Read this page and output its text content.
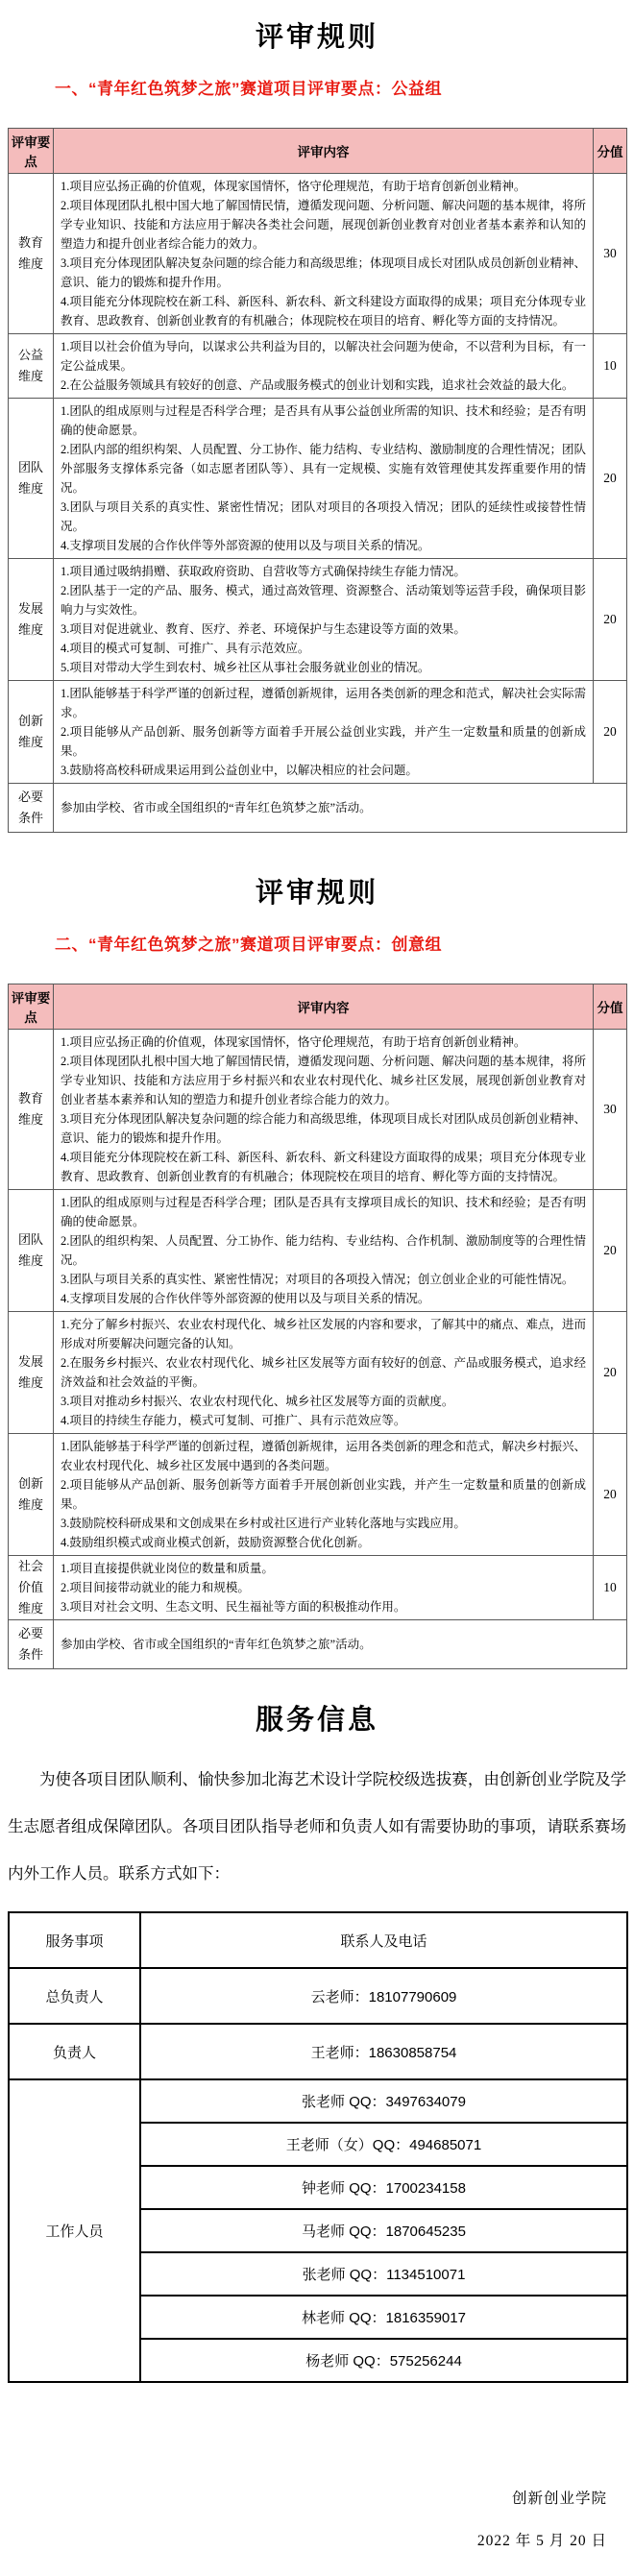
评审规则
一、“青年红色筑梦之旅”赛道项目评审要点：公益组
评审要点	评审内容	分值
教育维度	1.项目应弘扬正确的价值观，体现家国情怀，恪守伦理规范，有助于培育创新创业精神。
2.项目体现团队扎根中国大地了解国情民情，遵循发现问题、分析问题、解决问题的基本规律，将所学专业知识、技能和方法应用于解决各类社会问题，展现创新创业教育对创业者基本素养和认知的塑造力和提升创业者综合能力的效力。
3.项目充分体现团队解决复杂问题的综合能力和高级思维；体现项目成长对团队成员创新创业精神、意识、能力的锻炼和提升作用。
4.项目能充分体现院校在新工科、新医科、新农科、新文科建设方面取得的成果；项目充分体现专业教育、思政教育、创新创业教育的有机融合；体现院校在项目的培育、孵化等方面的支持情况。	30
公益维度	1.项目以社会价值为导向，以谋求公共利益为目的，以解决社会问题为使命，不以营利为目标，有一定公益成果。
2.在公益服务领域具有较好的创意、产品或服务模式的创业计划和实践，追求社会效益的最大化。	10
团队维度	1.团队的组成原则与过程是否科学合理；是否具有从事公益创业所需的知识、技术和经验；是否有明确的使命愿景。
2.团队内部的组织构架、人员配置、分工协作、能力结构、专业结构、激励制度的合理性情况；团队外部服务支撑体系完备（如志愿者团队等）、具有一定规模、实施有效管理使其发挥重要作用的情况。
3.团队与项目关系的真实性、紧密性情况；团队对项目的各项投入情况；团队的延续性或接替性情况。
4.支撑项目发展的合作伙伴等外部资源的使用以及与项目关系的情况。	20
发展维度	1.项目通过吸纳捐赠、获取政府资助、自营收等方式确保持续生存能力情况。
2.团队基于一定的产品、服务、模式，通过高效管理、资源整合、活动策划等运营手段，确保项目影响力与实效性。
3.项目对促进就业、教育、医疗、养老、环境保护与生态建设等方面的效果。
4.项目的模式可复制、可推广、具有示范效应。
5.项目对带动大学生到农村、城乡社区从事社会服务就业创业的情况。	20
创新维度	1.团队能够基于科学严谨的创新过程，遵循创新规律，运用各类创新的理念和范式，解决社会实际需求。
2.项目能够从产品创新、服务创新等方面着手开展公益创业实践，并产生一定数量和质量的创新成果。
3.鼓励将高校科研成果运用到公益创业中，以解决相应的社会问题。	20
必要条件	参加由学校、省市或全国组织的“青年红色筑梦之旅”活动。	
评审规则
二、“青年红色筑梦之旅”赛道项目评审要点：创意组
评审要点	评审内容	分值
教育维度	1.项目应弘扬正确的价值观，体现家国情怀，恪守伦理规范，有助于培育创新创业精神。
2.项目体现团队扎根中国大地了解国情民情，遵循发现问题、分析问题、解决问题的基本规律，将所学专业知识、技能和方法应用于乡村振兴和农业农村现代化、城乡社区发展，展现创新创业教育对创业者基本素养和认知的塑造力和提升创业者综合能力的效力。
3.项目充分体现团队解决复杂问题的综合能力和高级思维，体现项目成长对团队成员创新创业精神、意识、能力的锻炼和提升作用。
4.项目能充分体现院校在新工科、新医科、新农科、新文科建设方面取得的成果；项目充分体现专业教育、思政教育、创新创业教育的有机融合；体现院校在项目的培育、孵化等方面的支持情况。	30
团队维度	1.团队的组成原则与过程是否科学合理；团队是否具有支撑项目成长的知识、技术和经验；是否有明确的使命愿景。
2.团队的组织构架、人员配置、分工协作、能力结构、专业结构、合作机制、激励制度等的合理性情况。
3.团队与项目关系的真实性、紧密性情况；对项目的各项投入情况；创立创业企业的可能性情况。
4.支撑项目发展的合作伙伴等外部资源的使用以及与项目关系的情况。	20
发展维度	1.充分了解乡村振兴、农业农村现代化、城乡社区发展的内容和要求，了解其中的痛点、难点，进而形成对所要解决问题完备的认知。
2.在服务乡村振兴、农业农村现代化、城乡社区发展等方面有较好的创意、产品或服务模式，追求经济效益和社会效益的平衡。
3.项目对推动乡村振兴、农业农村现代化、城乡社区发展等方面的贡献度。
4.项目的持续生存能力，模式可复制、可推广、具有示范效应等。	20
创新维度	1.团队能够基于科学严谨的创新过程，遵循创新规律，运用各类创新的理念和范式，解决乡村振兴、农业农村现代化、城乡社区发展中遇到的各类问题。
2.项目能够从产品创新、服务创新等方面着手开展创新创业实践，并产生一定数量和质量的创新成果。
3.鼓励院校科研成果和文创成果在乡村或社区进行产业转化落地与实践应用。
4.鼓励组织模式或商业模式创新，鼓励资源整合优化创新。	20
社会价值维度	1.项目直接提供就业岗位的数量和质量。
2.项目间接带动就业的能力和规模。
3.项目对社会文明、生态文明、民生福祉等方面的积极推动作用。	10
必要条件	参加由学校、省市或全国组织的“青年红色筑梦之旅”活动。	
服务信息
为使各项目团队顺利、愉快参加北海艺术设计学院校级选拔赛，由创新创业学院及学生志愿者组成保障团队。各项目团队指导老师和负责人如有需要协助的事项，请联系赛场内外工作人员。联系方式如下：
服务事项	联系人及电话
总负责人	云老师：18107790609
负责人	王老师：18630858754
工作人员	张老师 QQ：3497634079
	王老师（女）QQ：494685071
	钟老师 QQ：1700234158
	马老师 QQ：1870645235
	张老师 QQ：1134510071
	林老师 QQ：1816359017
	杨老师 QQ：575256244
创新创业学院
2022 年 5 月 20 日
